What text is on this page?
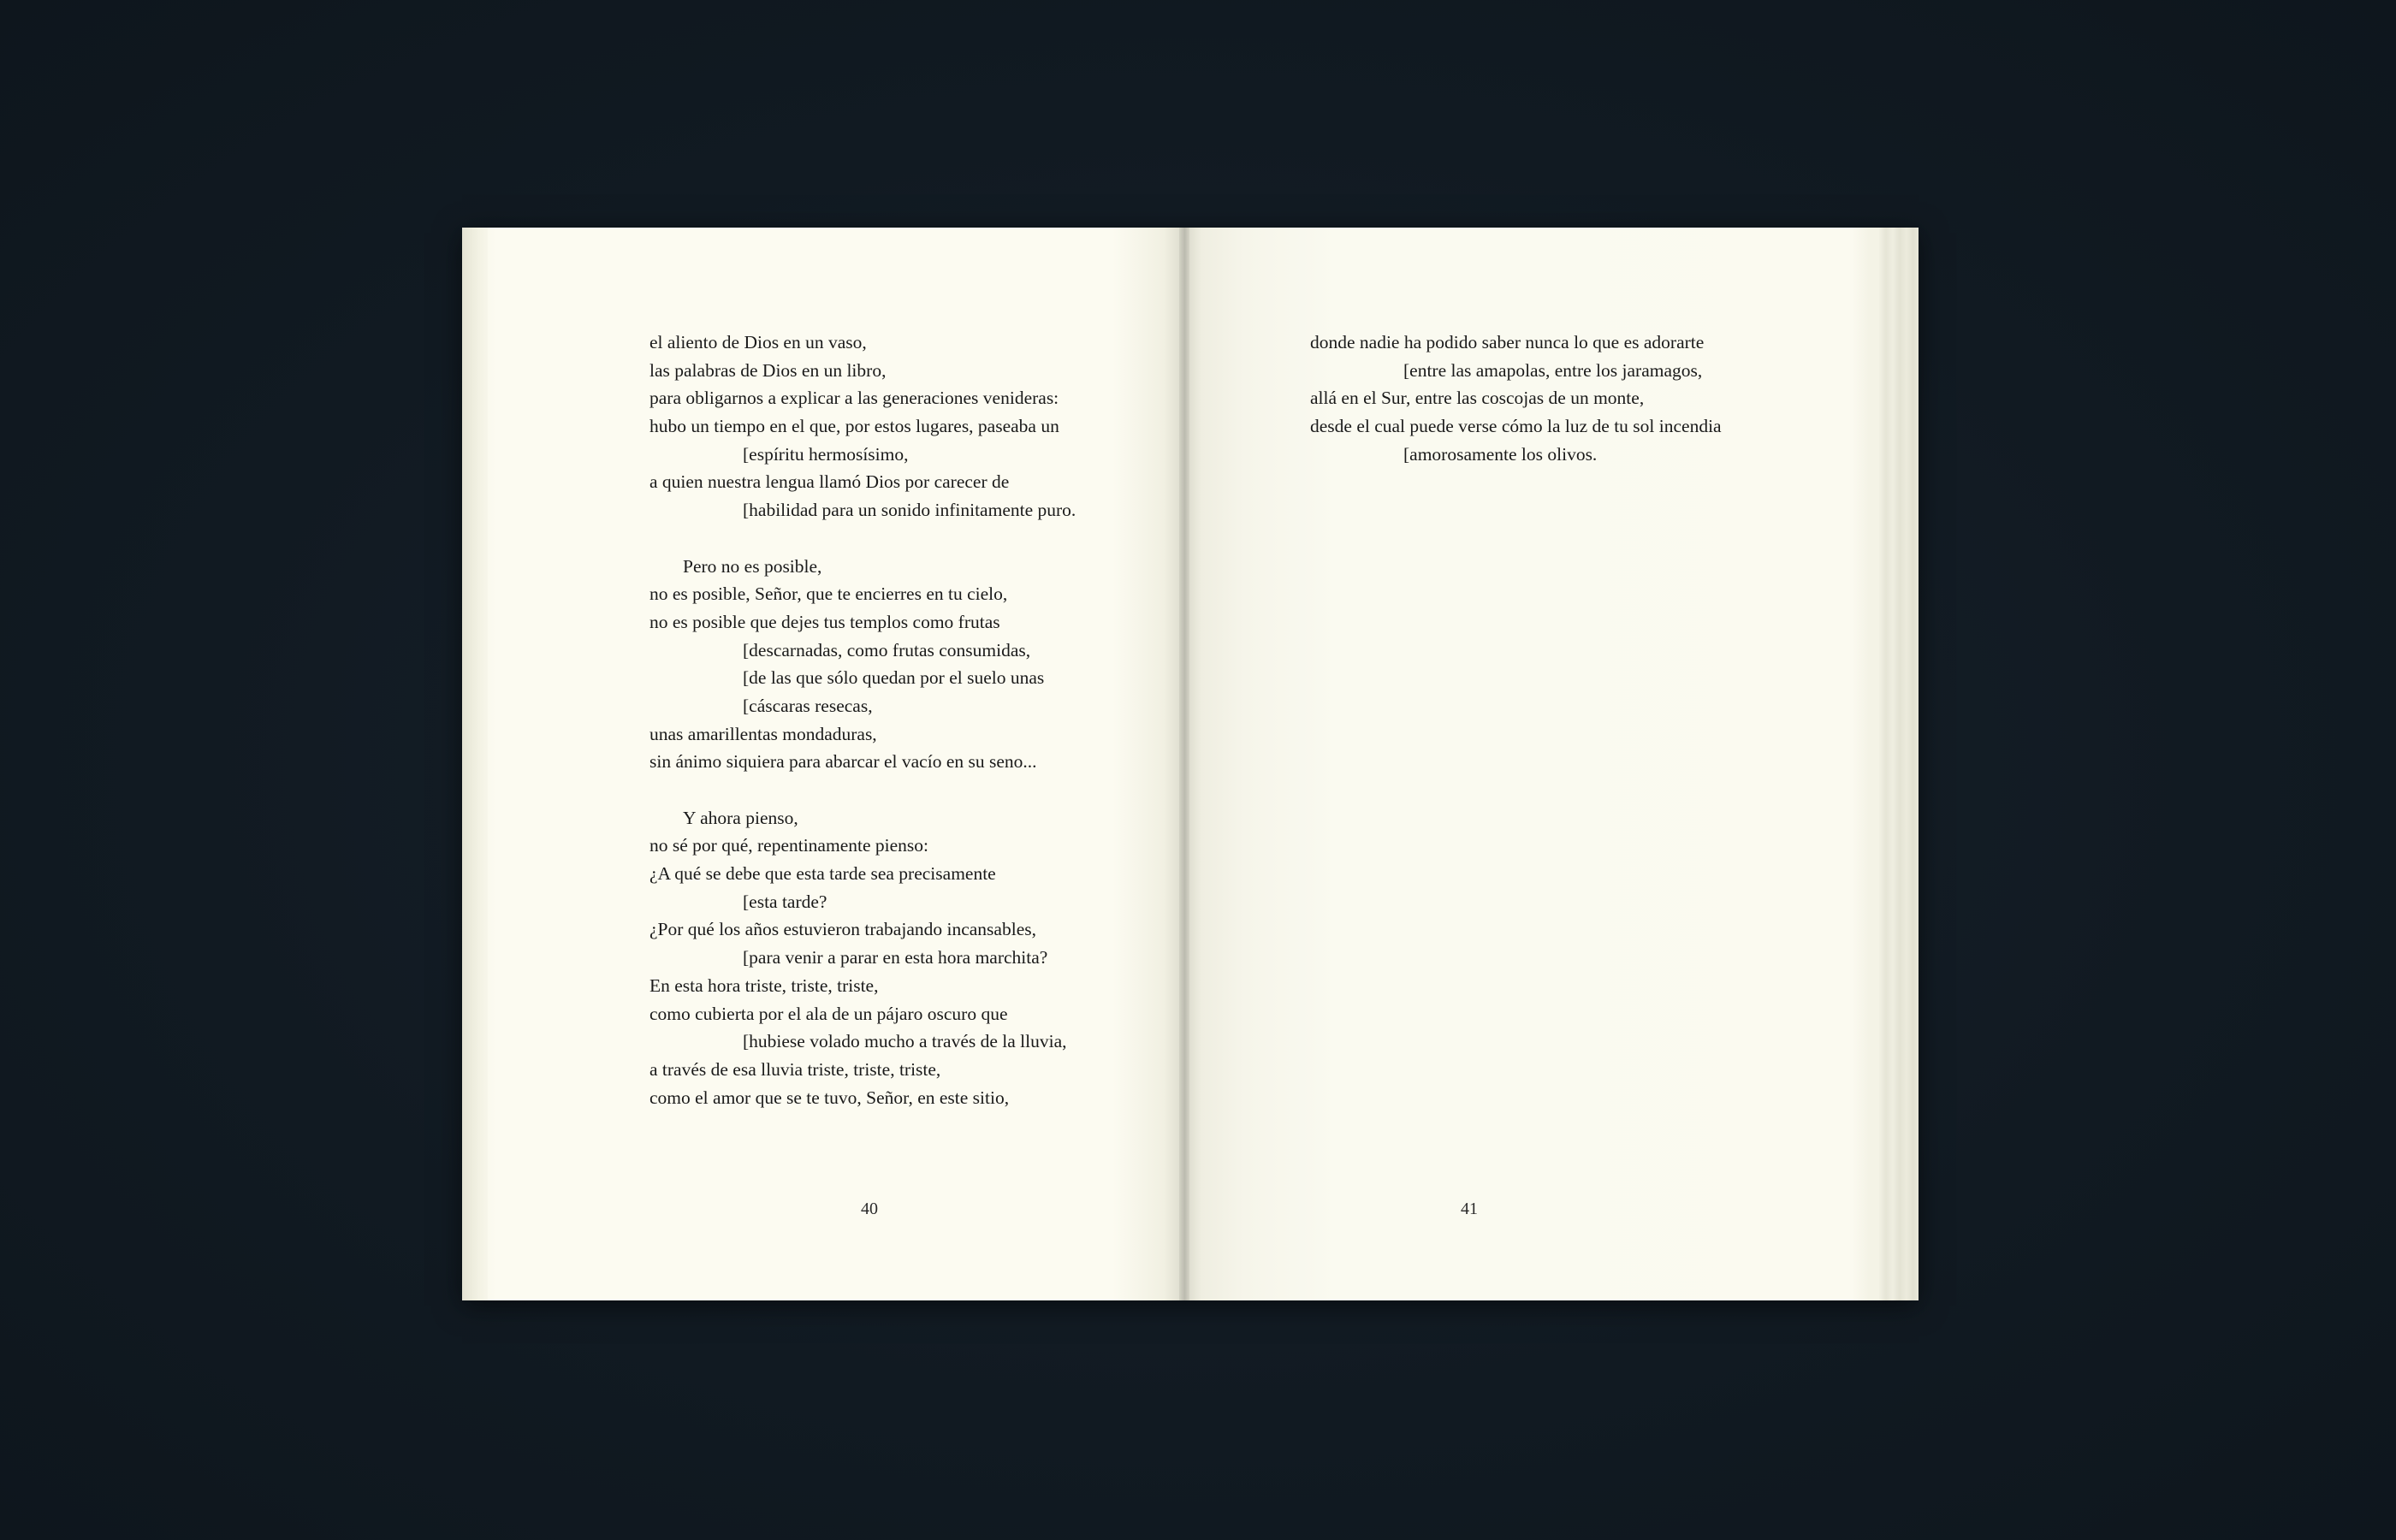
el aliento de Dios en un vaso,
las palabras de Dios en un libro,
para obligarnos a explicar a las generaciones venideras:
hubo un tiempo en el que, por estos lugares, paseaba un
[espíritu hermosísimo,
a quien nuestra lengua llamó Dios por carecer de
[habilidad para un sonido infinitamente puro.
Pero no es posible,
no es posible, Señor, que te encierres en tu cielo,
no es posible que dejes tus templos como frutas
[descarnadas, como frutas consumidas,
[de las que sólo quedan por el suelo unas
[cáscaras resecas,
unas amarillentas mondaduras,
sin ánimo siquiera para abarcar el vacío en su seno...
Y ahora pienso,
no sé por qué, repentinamente pienso:
¿A qué se debe que esta tarde sea precisamente
[esta tarde?
¿Por qué los años estuvieron trabajando incansables,
[para venir a parar en esta hora marchita?
En esta hora triste, triste, triste,
como cubierta por el ala de un pájaro oscuro que
[hubiese volado mucho a través de la lluvia,
a través de esa lluvia triste, triste, triste,
como el amor que se te tuvo, Señor, en este sitio,
40
donde nadie ha podido saber nunca lo que es adorarte
[entre las amapolas, entre los jaramagos,
allá en el Sur, entre las coscojas de un monte,
desde el cual puede verse cómo la luz de tu sol incendia
[amorosamente los olivos.
41
